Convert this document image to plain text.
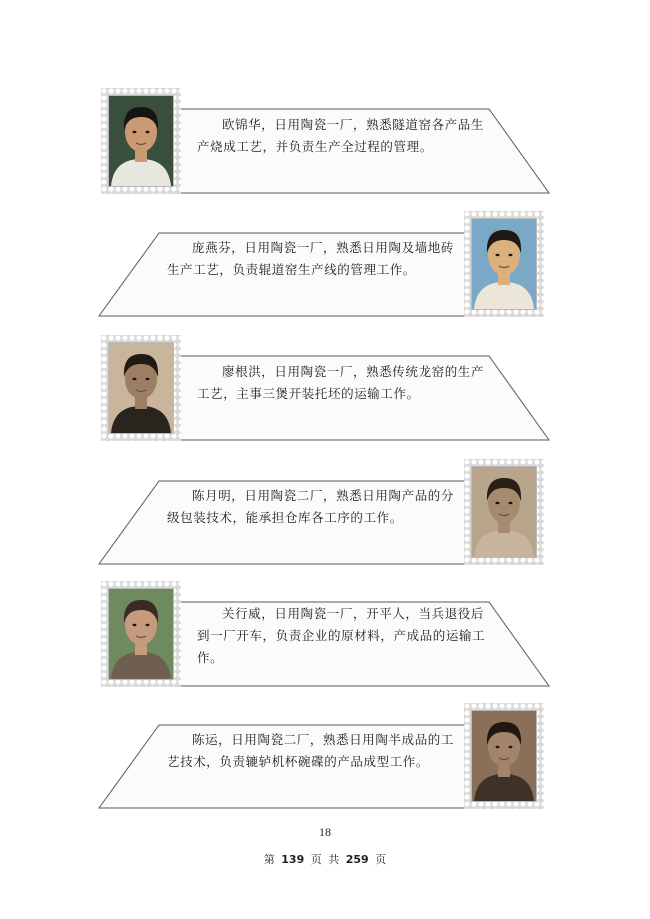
欧锦华，日用陶瓷一厂，熟悉隧道窑各产品生产烧成工艺，并负责生产全过程的管理。

庞燕芬，日用陶瓷一厂，熟悉日用陶及墙地砖生产工艺，负责辊道窑生产线的管理工作。

廖根洪，日用陶瓷一厂，熟悉传统龙窑的生产工艺，主事三煲开装托坯的运输工作。

陈月明，日用陶瓷二厂，熟悉日用陶产品的分级包装技术，能承担仓库各工序的工作。

关行威，日用陶瓷一厂，开平人，当兵退役后到一厂开车，负责企业的原材料，产成品的运输工作。

陈运，日用陶瓷二厂，熟悉日用陶半成品的工艺技术，负责辘轳机杯碗碟的产品成型工作。

18
第 139 页 共 259 页
